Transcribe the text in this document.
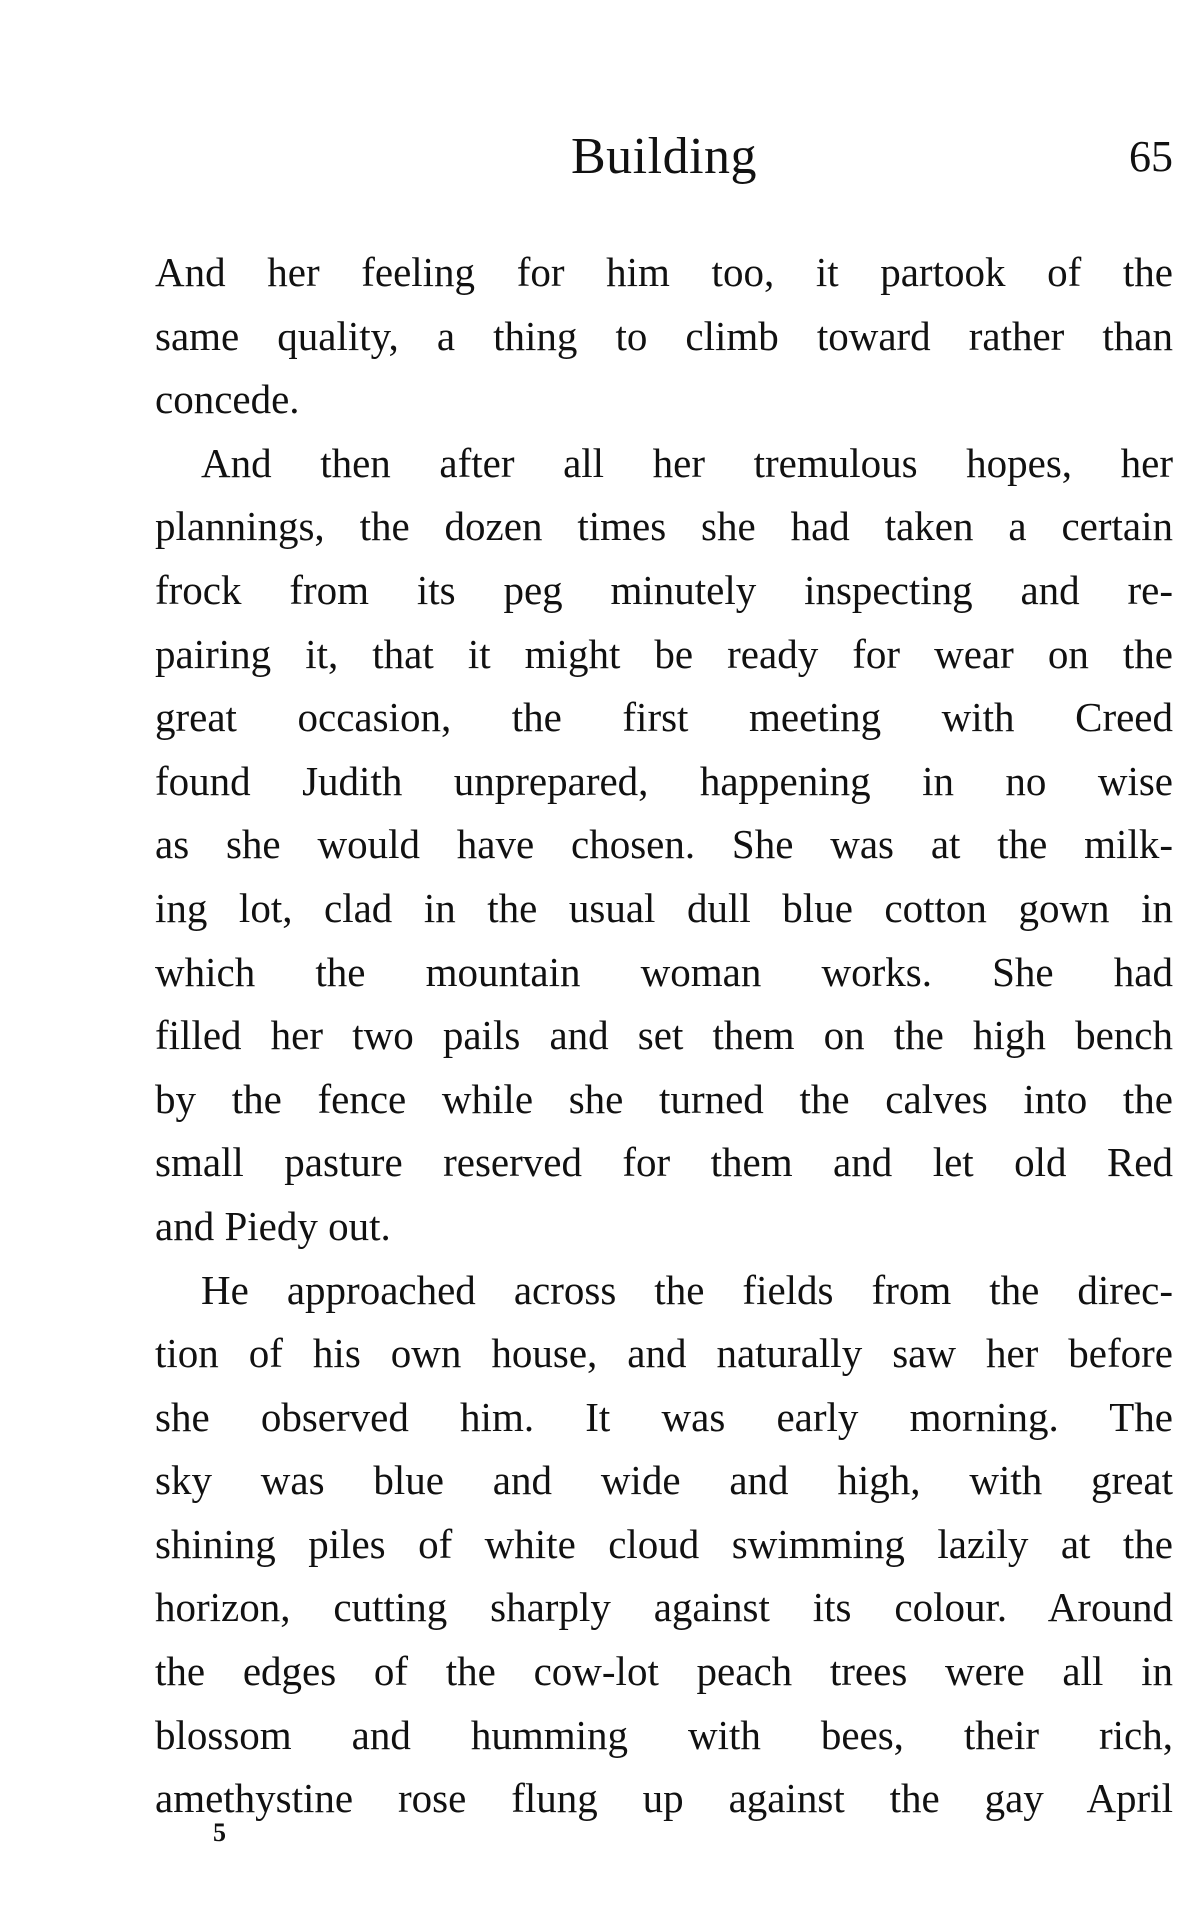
Building	65
And her feeling for him too, it partook of the
same quality, a thing to climb toward rather than
concede.
And then after all her tremulous hopes, her
plannings, the dozen times she had taken a certain
frock from its peg minutely inspecting and re-
pairing it, that it might be ready for wear on the
great occasion, the first meeting with Creed
found Judith unprepared, happening in no wise
as she would have chosen. She was at the milk-
ing lot, clad in the usual dull blue cotton gown in
which the mountain woman works. She had
filled her two pails and set them on the high bench
by the fence while she turned the calves into the
small pasture reserved for them and let old Red
and Piedy out.
He approached across the fields from the direc-
tion of his own house, and naturally saw her before
she observed him. It was early morning. The
sky was blue and wide and high, with great
shining piles of white cloud swimming lazily at the
horizon, cutting sharply against its colour. Around
the edges of the cow-lot peach trees were all in
blossom and humming with bees, their rich,
amethystine rose flung up against the gay April
5
